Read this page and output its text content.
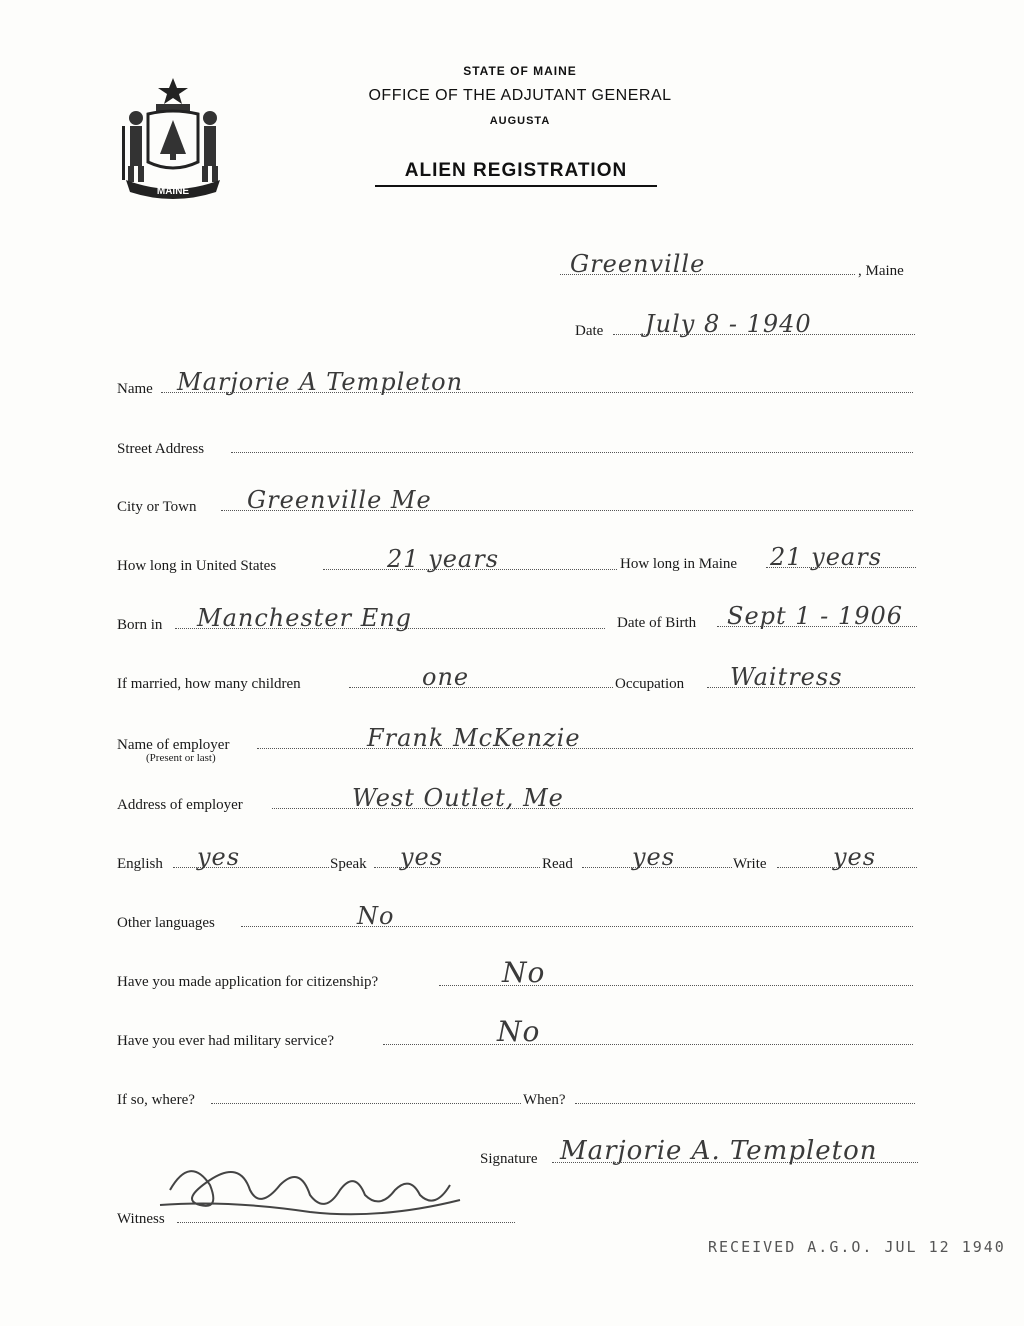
MAINE
STATE OF MAINE
OFFICE OF THE ADJUTANT GENERAL
AUGUSTA
ALIEN REGISTRATION
Greenville	, Maine
Date July 8 - 1940
Name Marjorie A Templeton
Street Address
City or Town Greenville Me
How long in United States	21 years	How long in Maine 21 years
Born in Manchester Eng	Date of Birth Sept 1 - 1906
If married, how many children	one	Occupation Waitress
Name of employer	Frank McKenzie
(Present or last)
Address of employer	West Outlet, Me
English yes	Speak yes	Read yes	Write	yes
Other languages	No
Have you made application for citizenship?	No
Have you ever had military service?	No
If so, where?	When?
Signature Marjorie A. Templeton
Witness
RECEIVED A.G.O. JUL 12 1940
